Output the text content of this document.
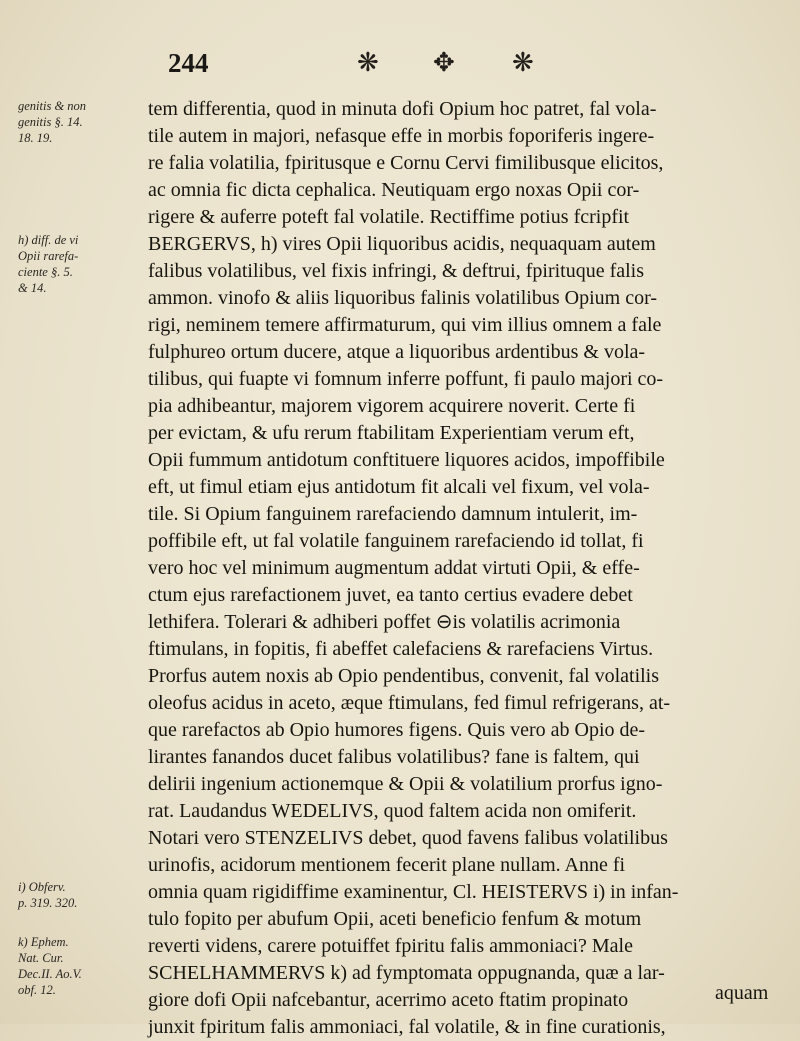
244	❋ ✥ ❋
genitis & non
genitis §. 14.
18. 19.
h) diff. de vi
Opii rarefa-
ciente §. 5.
& 14.
i) Obferv.
p. 319. 320.
k) Ephem.
Nat. Cur.
Dec.II. Ao.V.
obf. 12.
tem differentia, quod in minuta dofi Opium hoc patret, fal vola-
tile autem in majori, nefasque effe in morbis foporiferis ingere-
re falia volatilia, fpiritusque e Cornu Cervi fimilibusque elicitos,
ac omnia fic dicta cephalica. Neutiquam ergo noxas Opii cor-
rigere & auferre poteft fal volatile. Rectiffime potius fcripfit
BERGERVS, h) vires Opii liquoribus acidis, nequaquam autem
falibus volatilibus, vel fixis infringi, & deftrui, fpirituque falis
ammon. vinofo & aliis liquoribus falinis volatilibus Opium cor-
rigi, neminem temere affirmaturum, qui vim illius omnem a fale
fulphureo ortum ducere, atque a liquoribus ardentibus & vola-
tilibus, qui fuapte vi fomnum inferre poffunt, fi paulo majori co-
pia adhibeantur, majorem vigorem acquirere noverit. Certe fi
per evictam, & ufu rerum ftabilitam Experientiam verum eft,
Opii fummum antidotum conftituere liquores acidos, impoffibile
eft, ut fimul etiam ejus antidotum fit alcali vel fixum, vel vola-
tile. Si Opium fanguinem rarefaciendo damnum intulerit, im-
poffibile eft, ut fal volatile fanguinem rarefaciendo id tollat, fi
vero hoc vel minimum augmentum addat virtuti Opii, & effe-
ctum ejus rarefactionem juvet, ea tanto certius evadere debet
lethifera. Tolerari & adhiberi poffet ⊖is volatilis acrimonia
ftimulans, in fopitis, fi abeffet calefaciens & rarefaciens Virtus.
Prorfus autem noxis ab Opio pendentibus, convenit, fal volatilis
oleofus acidus in aceto, æque ftimulans, fed fimul refrigerans, at-
que rarefactos ab Opio humores figens. Quis vero ab Opio de-
lirantes fanandos ducet falibus volatilibus? fane is faltem, qui
delirii ingenium actionemque & Opii & volatilium prorfus igno-
rat. Laudandus WEDELIVS, quod faltem acida non omiferit.
Notari vero STENZELIVS debet, quod favens falibus volatilibus
urinofis, acidorum mentionem fecerit plane nullam. Anne fi
omnia quam rigidiffime examinentur, Cl. HEISTERVS i) in infan-
tulo fopito per abufum Opii, aceti beneficio fenfum & motum
reverti videns, carere potuiffet fpiritu falis ammoniaci? Male
SCHELHAMMERVS k) ad fymptomata oppugnanda, quæ a lar-
giore dofi Opii nafcebantur, acerrimo aceto ftatim propinato
junxit fpiritum falis ammoniaci, fal volatile, & in fine curationis,
aquam
